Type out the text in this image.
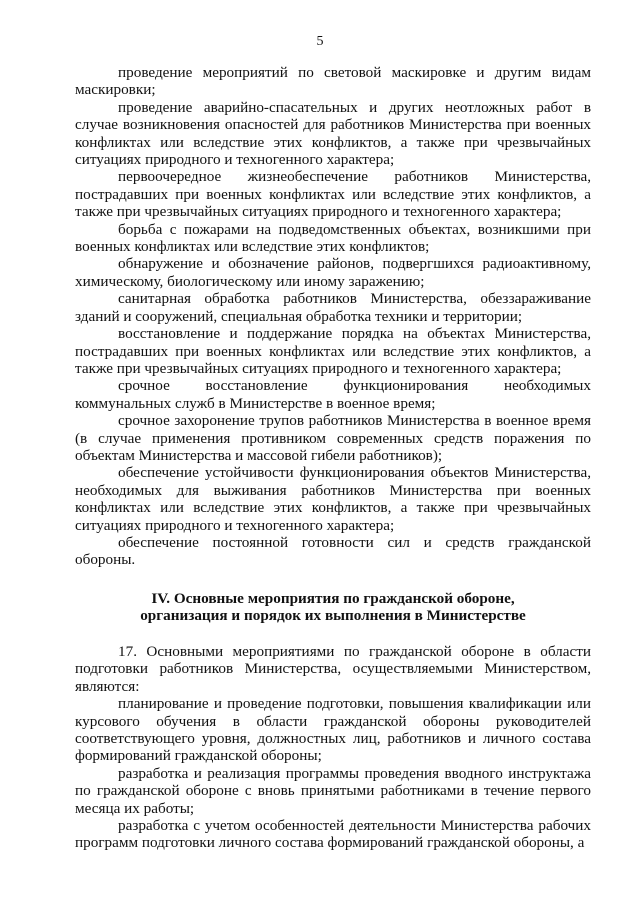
5

проведение мероприятий по световой маскировке и другим видам маскировки;

проведение аварийно-спасательных и других неотложных работ в случае возникновения опасностей для работников Министерства при военных конфликтах или вследствие этих конфликтов, а также при чрезвычайных ситуациях природного и техногенного характера;

первоочередное жизнеобеспечение работников Министерства, пострадавших при военных конфликтах или вследствие этих конфликтов, а также при чрезвычайных ситуациях природного и техногенного характера;

борьба с пожарами на подведомственных объектах, возникшими при военных конфликтах или вследствие этих конфликтов;

обнаружение и обозначение районов, подвергшихся радиоактивному, химическому, биологическому или иному заражению;

санитарная обработка работников Министерства, обеззараживание зданий и сооружений, специальная обработка техники и территории;

восстановление и поддержание порядка на объектах Министерства, пострадавших при военных конфликтах или вследствие этих конфликтов, а также при чрезвычайных ситуациях природного и техногенного характера;

срочное восстановление функционирования необходимых коммунальных служб в Министерстве в военное время;

срочное захоронение трупов работников Министерства в военное время (в случае применения противником современных средств поражения по объектам Министерства и массовой гибели работников);

обеспечение устойчивости функционирования объектов Министерства, необходимых для выживания работников Министерства при военных конфликтах или вследствие этих конфликтов, а также при чрезвычайных ситуациях природного и техногенного характера;

обеспечение постоянной готовности сил и средств гражданской обороны.

IV. Основные мероприятия по гражданской обороне,
организация и порядок их выполнения в Министерстве

17. Основными мероприятиями по гражданской обороне в области подготовки работников Министерства, осуществляемыми Министерством, являются:

планирование и проведение подготовки, повышения квалификации или курсового обучения в области гражданской обороны руководителей соответствующего уровня, должностных лиц, работников и личного состава формирований гражданской обороны;

разработка и реализация программы проведения вводного инструктажа по гражданской обороне с вновь принятыми работниками в течение первого месяца их работы;

разработка с учетом особенностей деятельности Министерства рабочих программ подготовки личного состава формирований гражданской обороны, а
